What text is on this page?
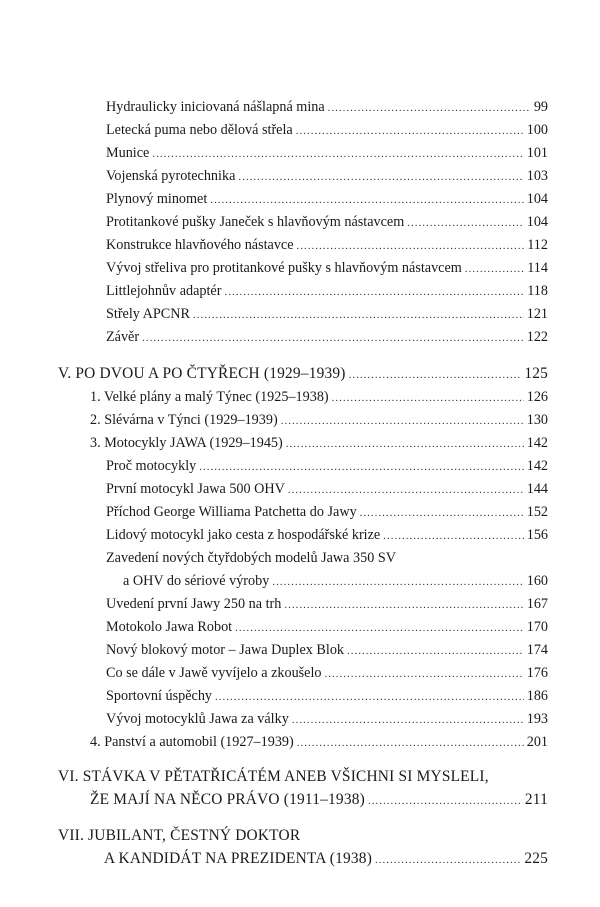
Hydraulicky iniciovaná nášlapná mina .....	99
Letecká puma nebo dělová střela .....	100
Munice .....	101
Vojenská pyrotechnika .....	103
Plynový minomet .....	104
Protitankové pušky Janeček s hlavňovým nástavcem .....	104
Konstrukce hlavňového nástavce .....	112
Vývoj střeliva pro protitankové pušky s hlavňovým nástavcem .....	114
Littlejohnův adaptér .....	118
Střely APCNR .....	121
Závěr .....	122
V. PO DVOU A PO ČTYŘECH (1929–1939) .....	125
1. Velké plány a malý Týnec (1925–1938) .....	126
2. Slévárna v Týnci (1929–1939) .....	130
3. Motocykly JAWA (1929–1945) .....	142
Proč motocykly .....	142
První motocykl Jawa 500 OHV .....	144
Příchod George Williama Patchetta do Jawy .....	152
Lidový motocykl jako cesta z hospodářské krize .....	156
Zavedení nových čtyřdobých modelů Jawa 350 SV
a OHV do sériové výroby .....	160
Uvedení první Jawy 250 na trh .....	167
Motokolo Jawa Robot .....	170
Nový blokový motor – Jawa Duplex Blok .....	174
Co se dále v Jawě vyvíjelo a zkoušelo .....	176
Sportovní úspěchy .....	186
Vývoj motocyklů Jawa za války .....	193
4. Panství a automobil (1927–1939) .....	201
VI. STÁVKA V PĚTATŘICÁTÉM ANEB VŠICHNI SI MYSLELI,
ŽE MAJÍ NA NĚCO PRÁVO (1911–1938) .....	211
VII. JUBILANT, ČESTNÝ DOKTOR
A KANDIDÁT NA PREZIDENTA (1938) .....	225
